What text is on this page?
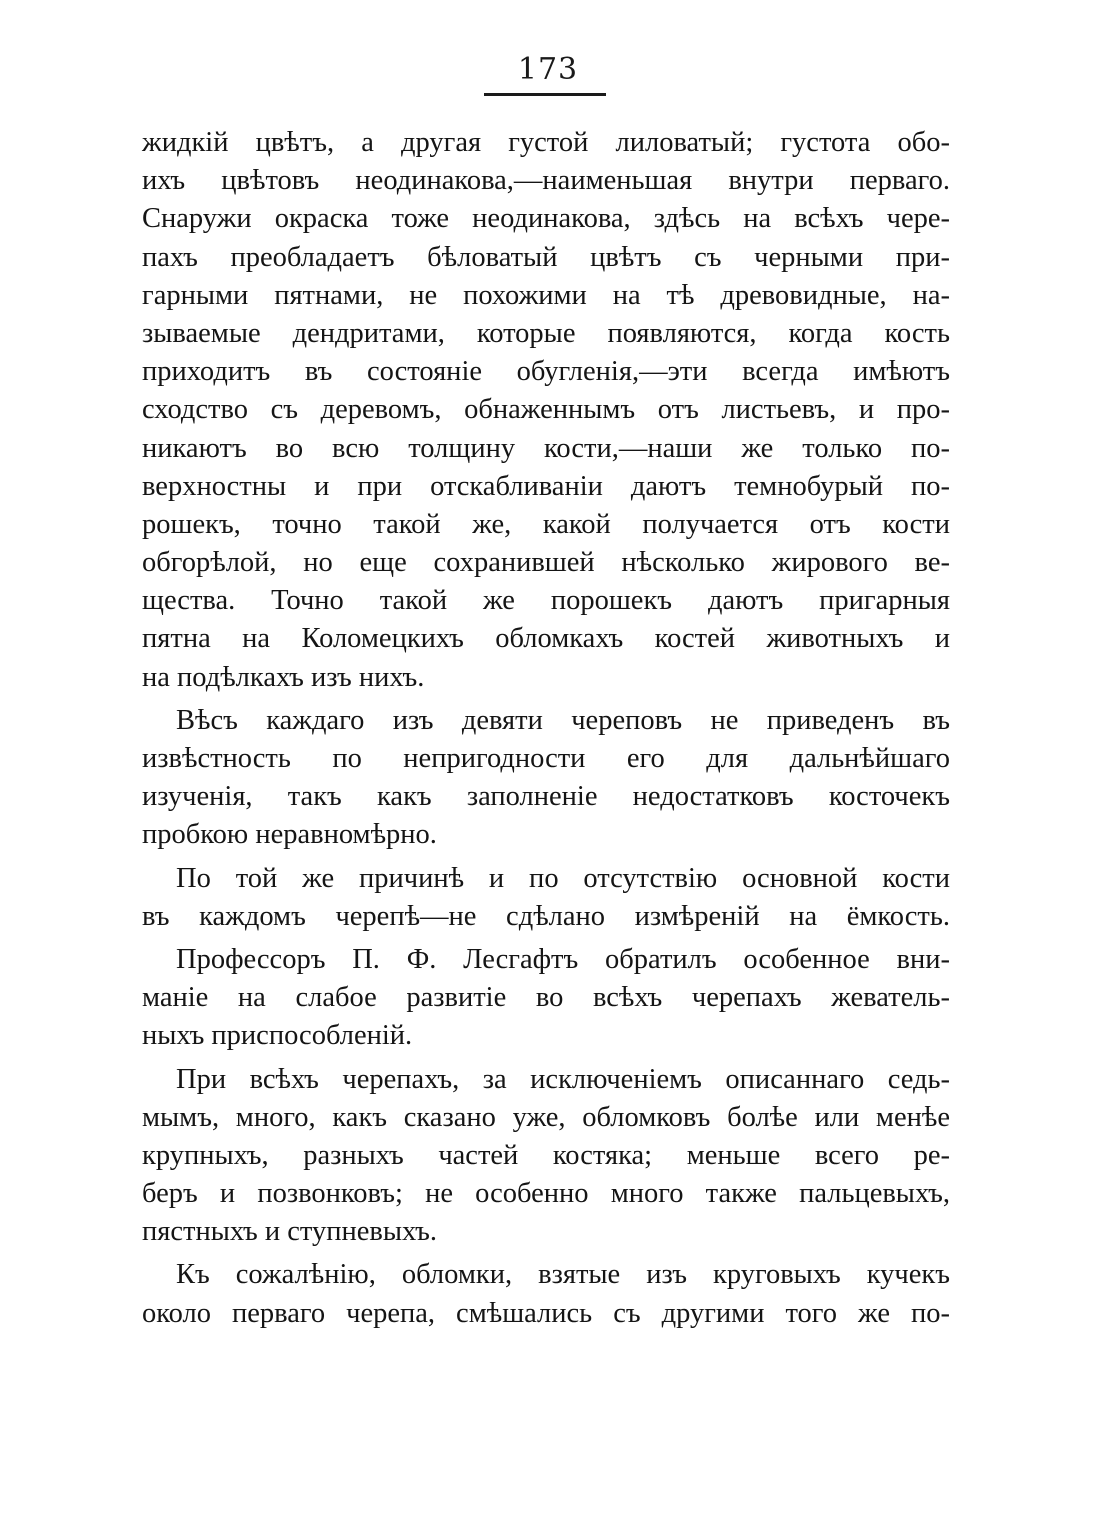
173
жидкій цвѣтъ, а другая густой лиловатый; густота обо-
ихъ цвѣтовъ неодинакова,—наименьшая внутри перваго.
Снаружи окраска тоже неодинакова, здѣсь на всѣхъ чере-
пахъ преобладаетъ бѣловатый цвѣтъ съ черными при-
гарными пятнами, не похожими на тѣ древовидные, на-
зываемые дендритами, которые появляются, когда кость
приходитъ въ состояніе обугленія,—эти всегда имѣютъ
сходство съ деревомъ, обнаженнымъ отъ листьевъ, и про-
никаютъ во всю толщину кости,—наши же только по-
верхностны и при отскабливаніи даютъ темнобурый по-
рошекъ, точно такой же, какой получается отъ кости
обгорѣлой, но еще сохранившей нѣсколько жирового ве-
щества. Точно такой же порошекъ даютъ пригарныя
пятна на Коломецкихъ обломкахъ костей животныхъ и
на подѣлкахъ изъ нихъ.
Вѣсъ каждаго изъ девяти череповъ не приведенъ въ
извѣстность по непригодности его для дальнѣйшаго
изученія, такъ какъ заполненіе недостатковъ косточекъ
пробкою неравномѣрно.
По той же причинѣ и по отсутствію основной кости
въ каждомъ черепѣ—не сдѣлано измѣреній на ёмкость.
Профессоръ П. Ф. Лесгафтъ обратилъ особенное вни-
маніе на слабое развитіе во всѣхъ черепахъ жеватель-
ныхъ приспособленій.
При всѣхъ черепахъ, за исключеніемъ описаннаго седь-
мымъ, много, какъ сказано уже, обломковъ болѣе или менѣе
крупныхъ, разныхъ частей костяка; меньше всего ре-
беръ и позвонковъ; не особенно много также пальцевыхъ,
пястныхъ и ступневыхъ.
Къ сожалѣнію, обломки, взятые изъ круговыхъ кучекъ
около перваго черепа, смѣшались съ другими того же по-
